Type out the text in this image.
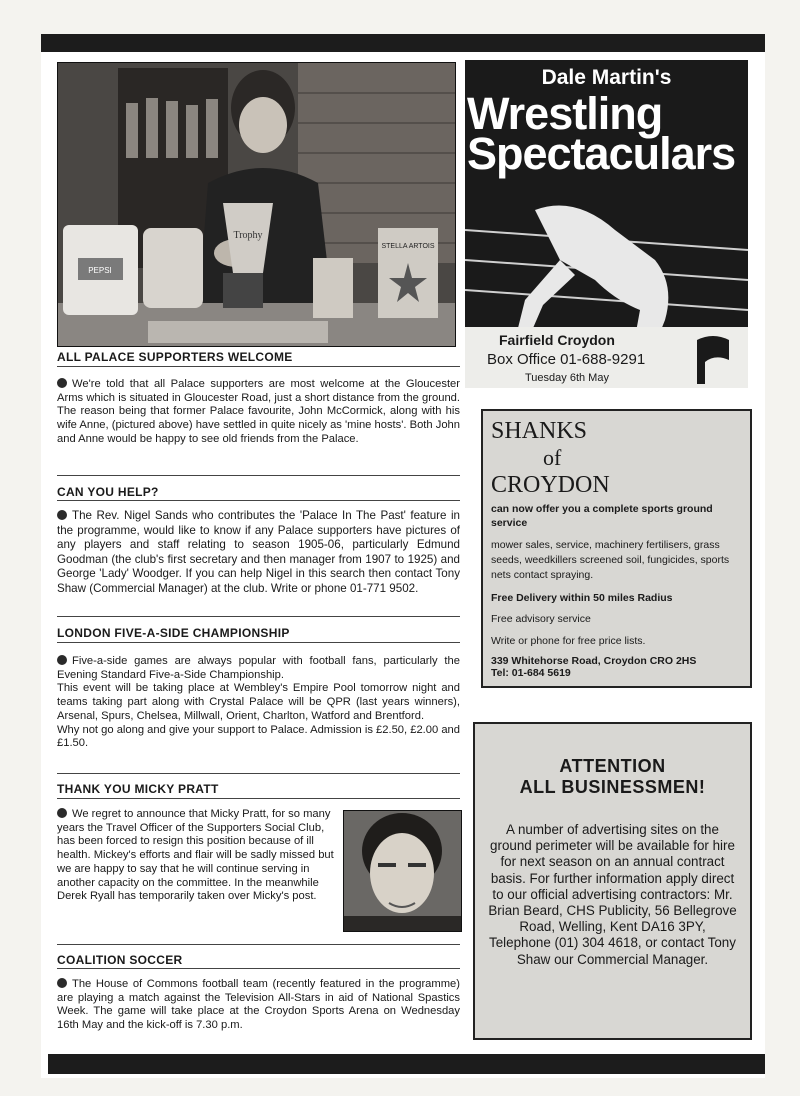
PEPSI
Trophy
STELLA ARTOIS
ALL PALACE SUPPORTERS WELCOME
We're told that all Palace supporters are most welcome at the Gloucester Arms which is situated in Gloucester Road, just a short distance from the ground. The reason being that former Palace favourite, John McCormick, along with his wife Anne, (pictured above) have settled in quite nicely as 'mine hosts'. Both John and Anne would be happy to see old friends from the Palace.
CAN YOU HELP?
The Rev. Nigel Sands who contributes the 'Palace In The Past' feature in the programme, would like to know if any Palace supporters have pictures of any players and staff relating to season 1905-06, particularly Edmund Goodman (the club's first secretary and then manager from 1907 to 1925) and George 'Lady' Woodger. If you can help Nigel in this search then contact Tony Shaw (Commercial Manager) at the club. Write or phone 01-771 9502.
LONDON FIVE-A-SIDE CHAMPIONSHIP
Five-a-side games are always popular with football fans, particularly the Evening Standard Five-a-Side Championship.
This event will be taking place at Wembley's Empire Pool tomorrow night and teams taking part along with Crystal Palace will be QPR (last years winners), Arsenal, Spurs, Chelsea, Millwall, Orient, Charlton, Watford and Brentford.
Why not go along and give your support to Palace. Admission is £2.50, £2.00 and £1.50.
THANK YOU MICKY PRATT
We regret to announce that Micky Pratt, for so many years the Travel Officer of the Supporters Social Club, has been forced to resign this position because of ill health. Mickey's efforts and flair will be sadly missed but we are happy to say that he will continue serving in another capacity on the committee. In the meanwhile Derek Ryall has temporarily taken over Micky's post.
COALITION SOCCER
The House of Commons football team (recently featured in the programme) are playing a match against the Television All-Stars in aid of National Spastics Week. The game will take place at the Croydon Sports Arena on Wednesday 16th May and the kick-off is 7.30 p.m.
Dale Martin's
Wrestling
Spectaculars
Fairfield Croydon
Box Office 01-688-9291
Tuesday 6th May
SHANKS
of
CROYDON
can now offer you a complete sports ground service
mower sales, service, machinery fertilisers, grass seeds, weedkillers screened soil, fungicides, sports nets contact spraying.
Free Delivery within 50 miles Radius
Free advisory service
Write or phone for free price lists.
339 Whitehorse Road, Croydon CRO 2HS
Tel: 01-684 5619
ATTENTION
ALL BUSINESSMEN!
A number of advertising sites on the ground perimeter will be available for hire for next season on an annual contract basis. For further information apply direct to our official advertising contractors: Mr. Brian Beard, CHS Publicity, 56 Bellegrove Road, Welling, Kent DA16 3PY, Telephone (01) 304 4618, or contact Tony Shaw our Commercial Manager.
